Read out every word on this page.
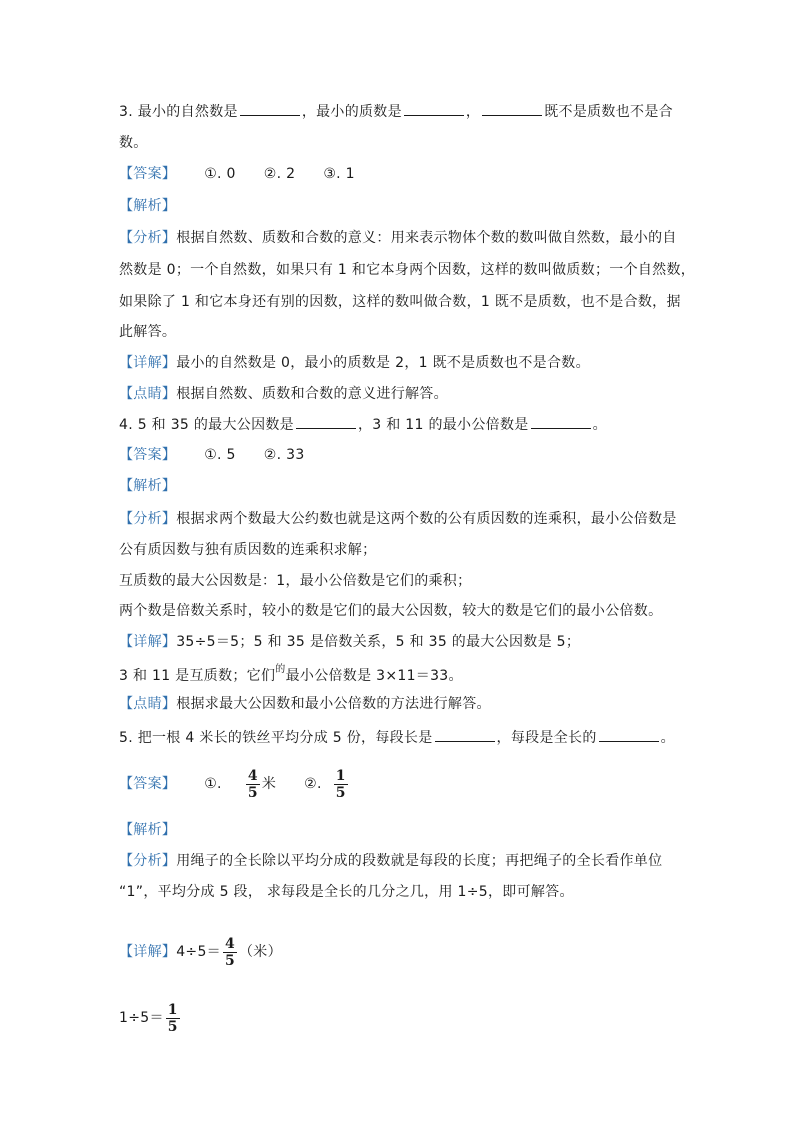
3. 最小的自然数是	，最小的质数是	，	既不是质数也不是合
数。
【答案】 ①. 0 ②. 2 ③. 1
【解析】
【分析】根据自然数、质数和合数的意义：用来表示物体个数的数叫做自然数，最小的自
然数是 0；一个自然数，如果只有 1 和它本身两个因数，这样的数叫做质数；一个自然数，
如果除了 1 和它本身还有别的因数，这样的数叫做合数，1 既不是质数，也不是合数，据
此解答。
【详解】最小的自然数是 0，最小的质数是 2，1 既不是质数也不是合数。
【点睛】根据自然数、质数和合数的意义进行解答。
4. 5 和 35 的最大公因数是	，3 和 11 的最小公倍数是	。
【答案】 ①. 5 ②. 33
【解析】
【分析】根据求两个数最大公约数也就是这两个数的公有质因数的连乘积，最小公倍数是
公有质因数与独有质因数的连乘积求解；
互质数的最大公因数是：1，最小公倍数是它们的乘积；
两个数是倍数关系时，较小的数是它们的最大公因数，较大的数是它们的最小公倍数。
【详解】35÷5＝5；5 和 35 是倍数关系，5 和 35 的最大公因数是 5；
3 和 11 是互质数；它们$^的$最小公倍数是 3×11＝33。
【点睛】根据求最大公因数和最小公倍数的方法进行解答。
5. 把一根 4 米长的铁丝平均分成 5 份，每段长是	，每段是全长的	。
【答案】 ①. $\frac{4}{5}$ 米 ②. $\frac{1}{5}$
【解析】
【分析】用绳子的全长除以平均分成的段数就是每段的长度；再把绳子的全长看作单位
“1”，平均分成 5 段， 求每段是全长的几分之几，用 1÷5，即可解答。
【详解】$4\div 5= \frac{4}{5}$ （米）
$1\div 5= \frac{1}{5}$
